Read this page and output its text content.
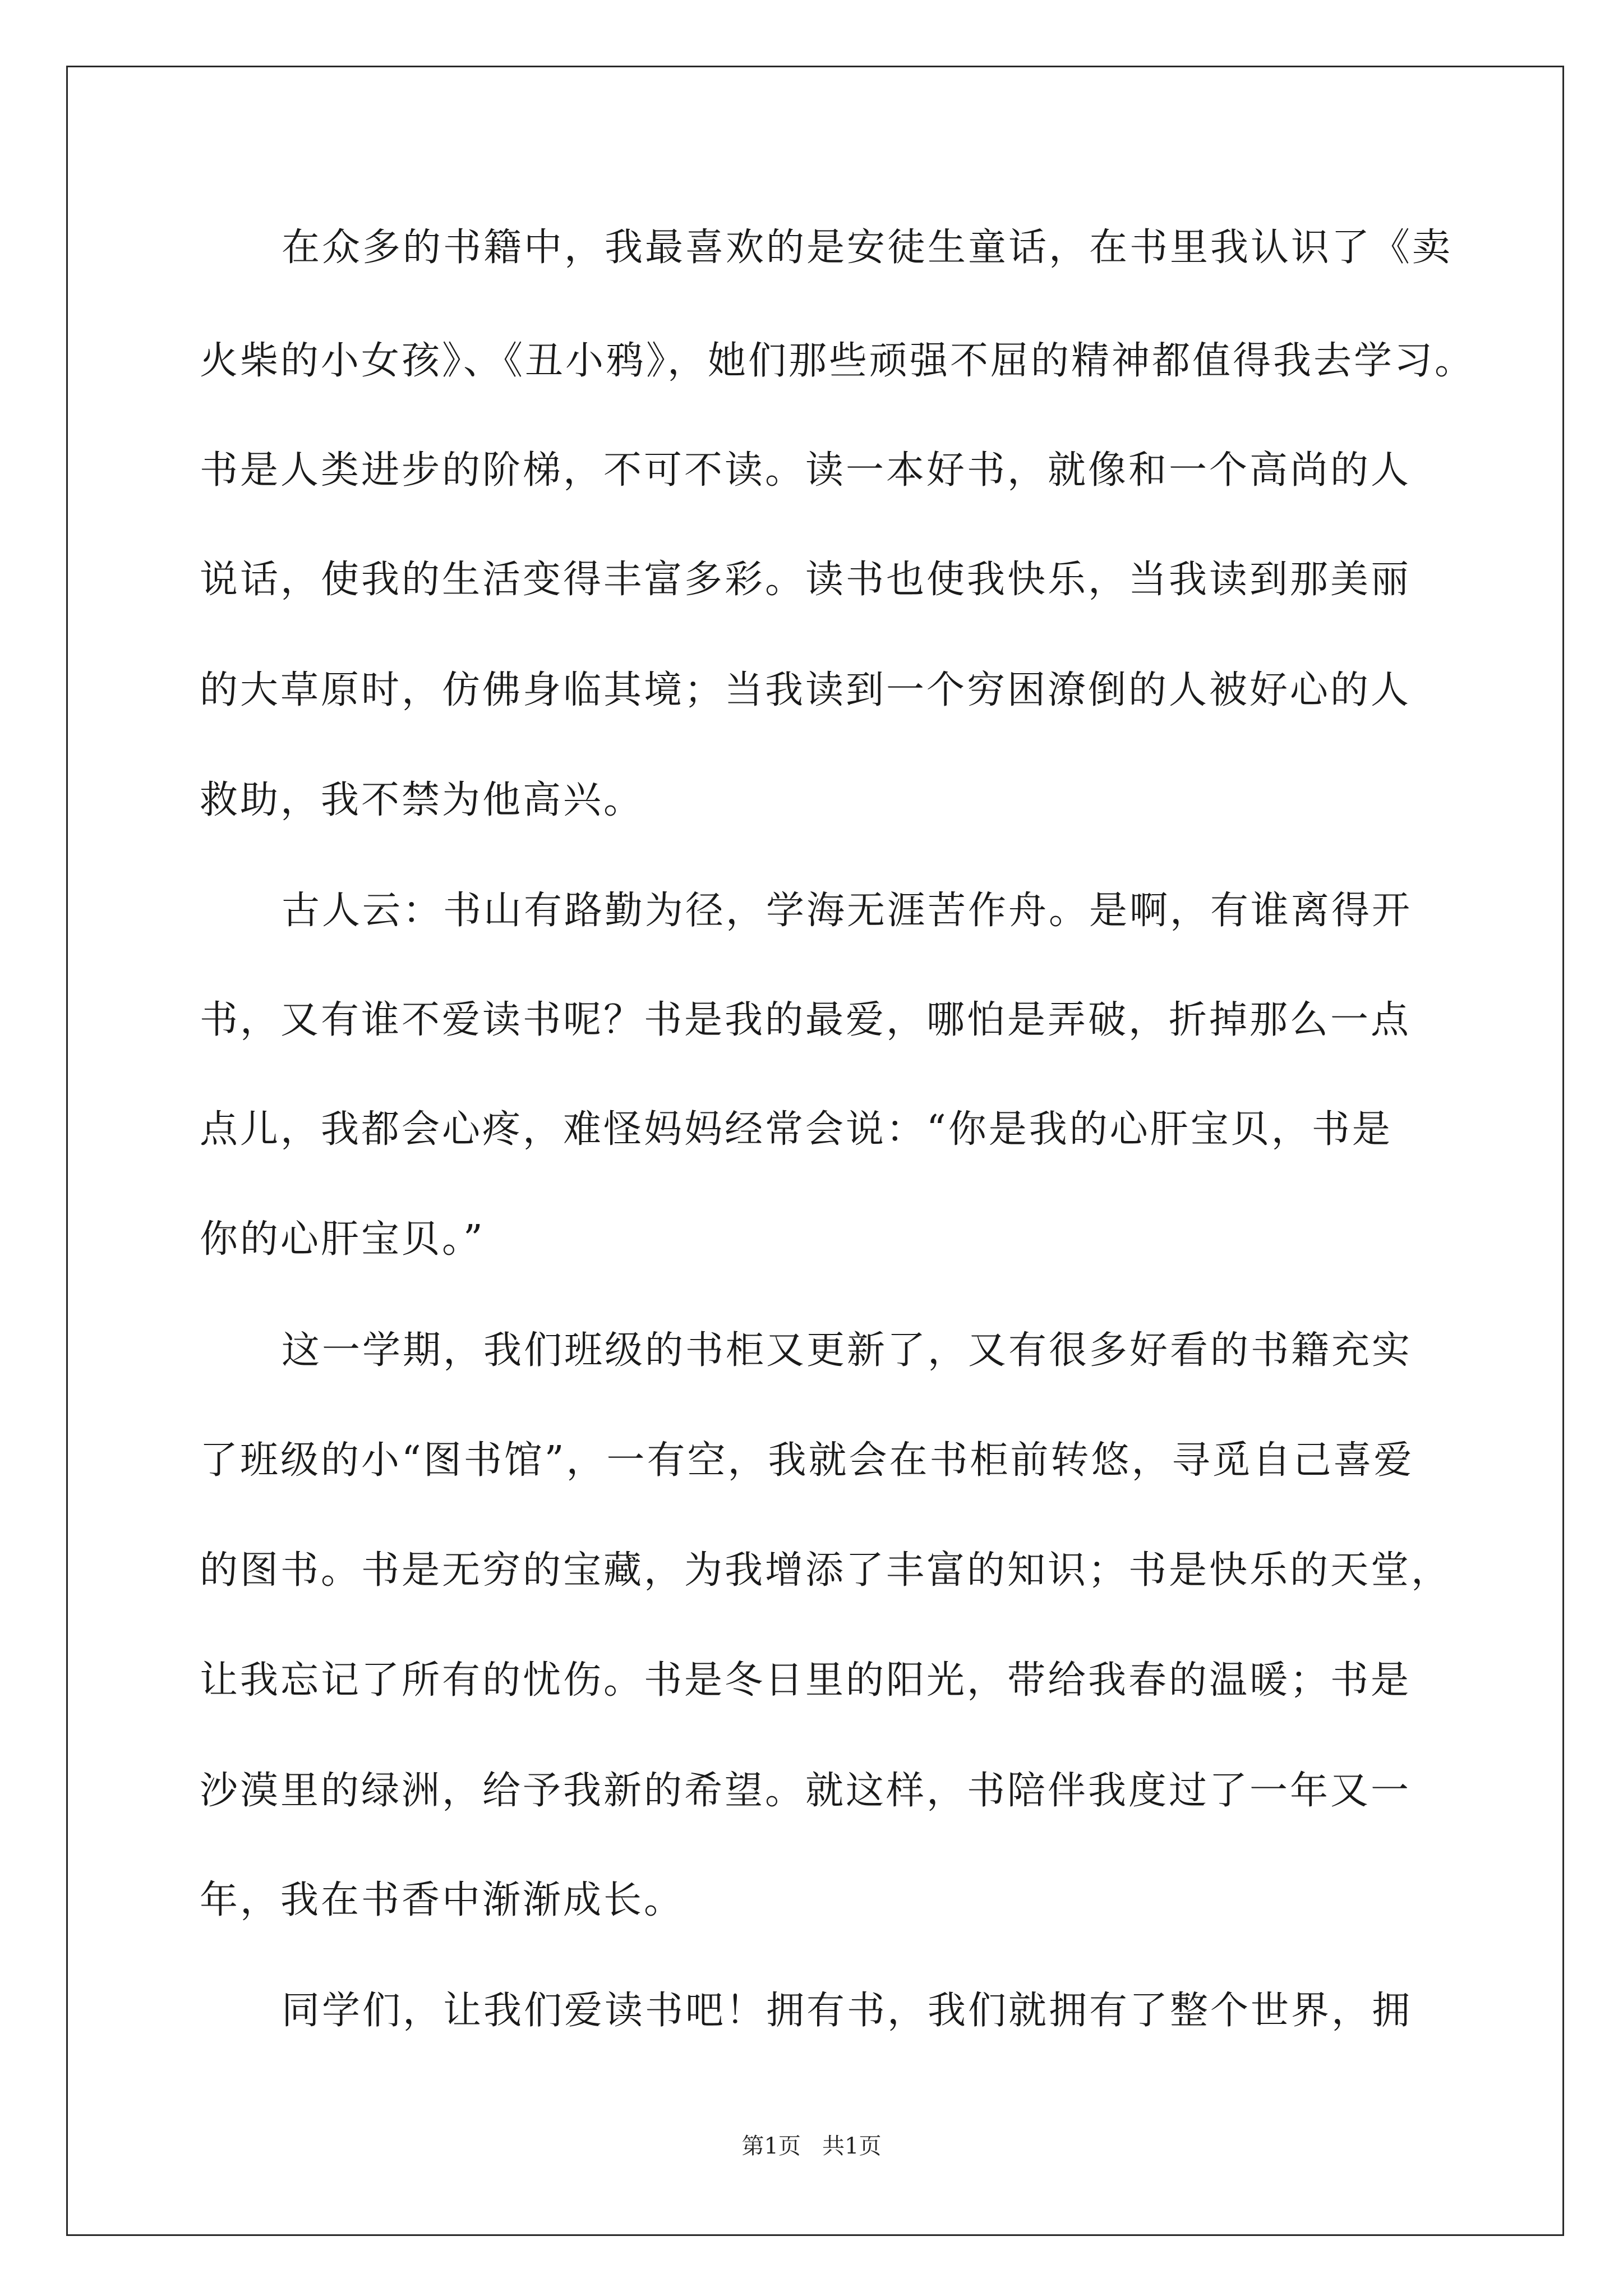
在众多的书籍中，我最喜欢的是安徒生童话，在书里我认识了《卖
火柴的小女孩》、《丑小鸦》，她们那些顽强不屈的精神都值得我去学习。
书是人类进步的阶梯，不可不读。读一本好书，就像和一个高尚的人
说话，使我的生活变得丰富多彩。读书也使我快乐，当我读到那美丽
的大草原时，仿佛身临其境；当我读到一个穷困潦倒的人被好心的人
救助，我不禁为他高兴。
古人云：书山有路勤为径，学海无涯苦作舟。是啊，有谁离得开
书，又有谁不爱读书呢？书是我的最爱，哪怕是弄破，折掉那么一点
点儿，我都会心疼，难怪妈妈经常会说：“你是我的心肝宝贝，书是
你的心肝宝贝。”
这一学期，我们班级的书柜又更新了，又有很多好看的书籍充实
了班级的小“图书馆”，一有空，我就会在书柜前转悠，寻觅自己喜爱
的图书。书是无穷的宝藏，为我增添了丰富的知识；书是快乐的天堂，
让我忘记了所有的忧伤。书是冬日里的阳光，带给我春的温暖；书是
沙漠里的绿洲，给予我新的希望。就这样，书陪伴我度过了一年又一
年，我在书香中渐渐成长。
同学们，让我们爱读书吧！拥有书，我们就拥有了整个世界，拥
第1页   共1页
